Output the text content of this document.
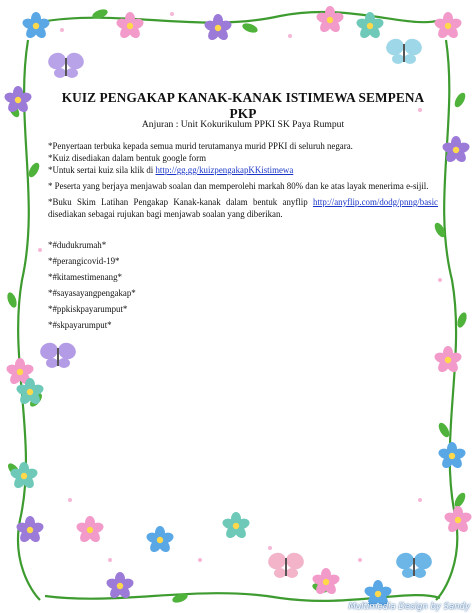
KUIZ PENGAKAP KANAK-KANAK ISTIMEWA SEMPENA PKP

Anjuran : Unit Kokurikulum PPKI SK Paya Rumput

*Penyertaan terbuka kepada semua murid terutamanya murid PPKI di seluruh negara.

*Kuiz disediakan dalam bentuk google form

*Untuk sertai kuiz sila klik di http://gg.gg/kuizpengakapKKistimewa

* Peserta yang berjaya menjawab soalan dan memperolehi markah 80% dan ke atas layak menerima e-sijil.

*Buku Skim Latihan Pengakap Kanak-kanak dalam bentuk anyflip http://anyflip.com/dodg/pnng/basic disediakan sebagai rujukan bagi menjawab soalan yang diberikan.

*#dudukrumah*

*#perangicovid-19*

*#kitamestimenang*

*#sayasayangpengakap*

*#ppkiskpayarumput*

*#skpayarumput*

Multimedia Design by Sandy
